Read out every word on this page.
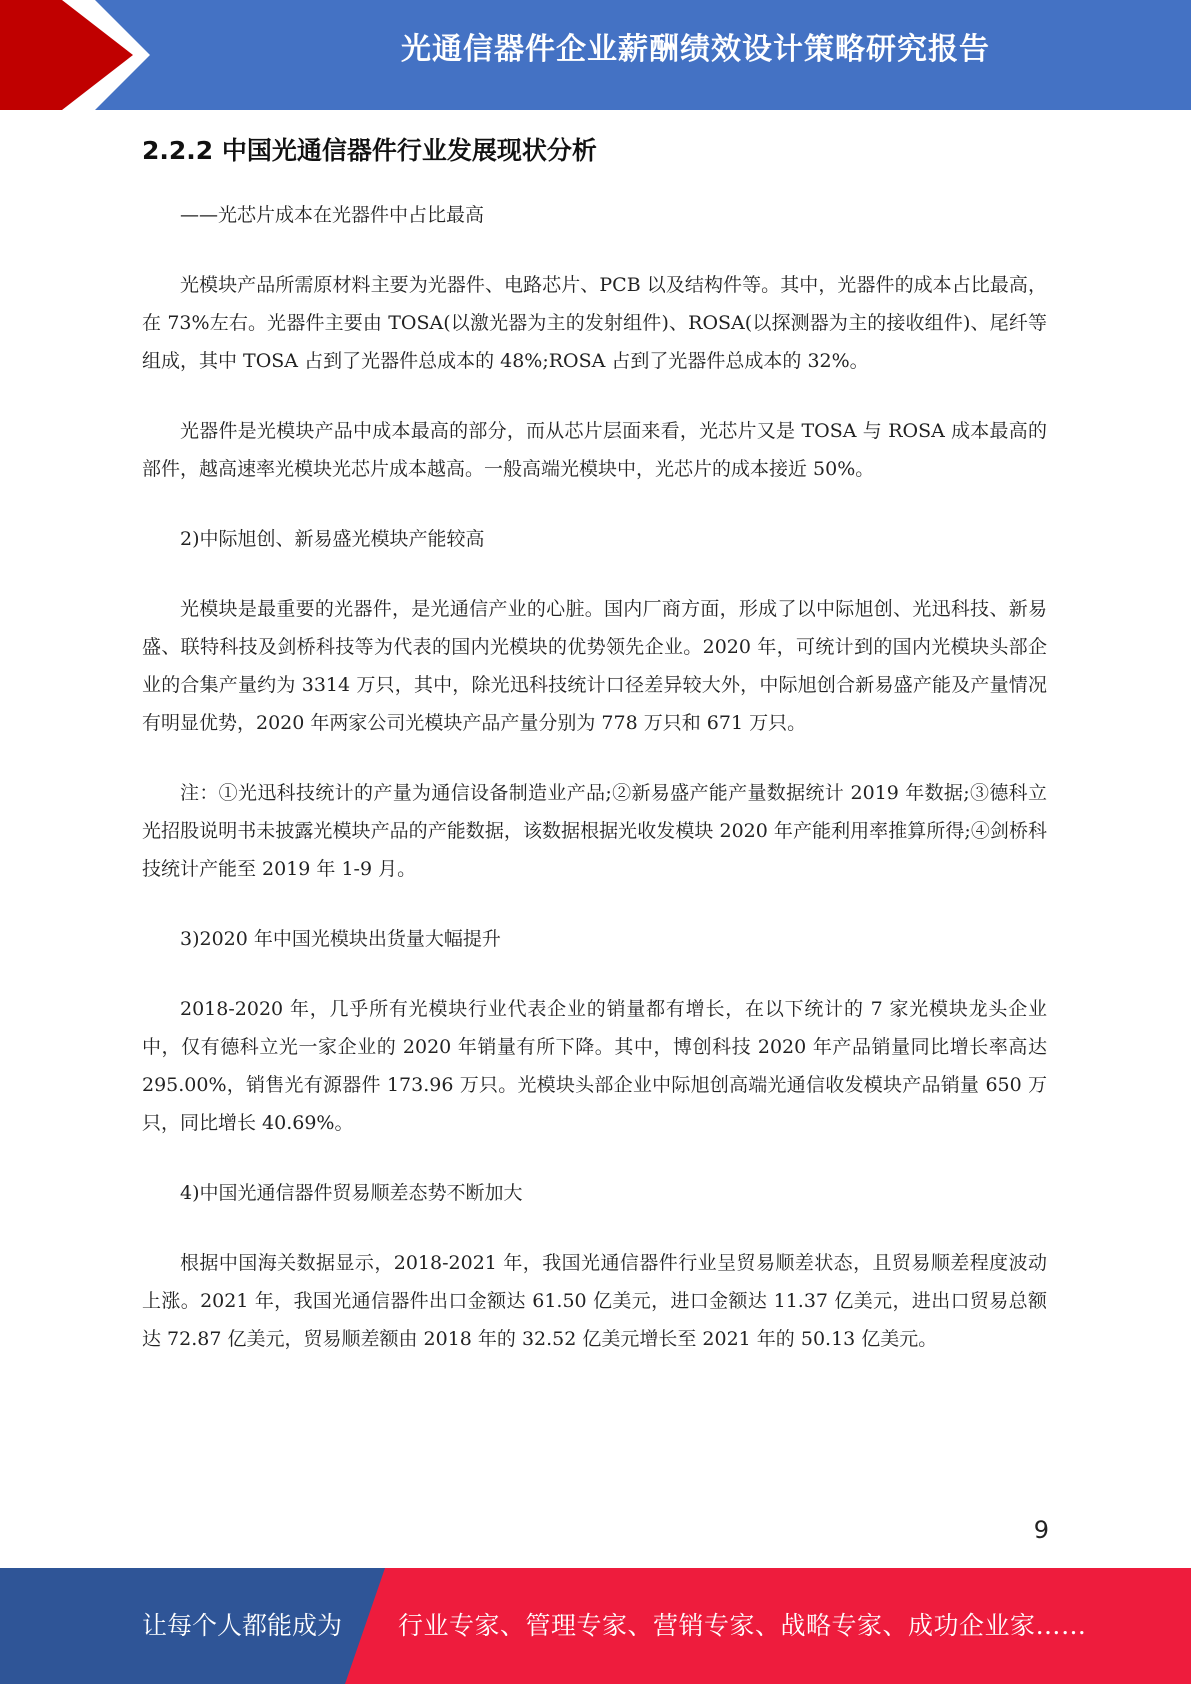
光通信器件企业薪酬绩效设计策略研究报告
2.2.2 中国光通信器件行业发展现状分析
——光芯片成本在光器件中占比最高
光模块产品所需原材料主要为光器件、电路芯片、PCB 以及结构件等。其中，光器件的成本占比最高，在 73%左右。光器件主要由 TOSA(以激光器为主的发射组件)、ROSA(以探测器为主的接收组件)、尾纤等组成，其中 TOSA 占到了光器件总成本的 48%;ROSA 占到了光器件总成本的 32%。
光器件是光模块产品中成本最高的部分，而从芯片层面来看，光芯片又是 TOSA 与 ROSA 成本最高的部件，越高速率光模块光芯片成本越高。一般高端光模块中，光芯片的成本接近 50%。
2)中际旭创、新易盛光模块产能较高
光模块是最重要的光器件，是光通信产业的心脏。国内厂商方面，形成了以中际旭创、光迅科技、新易盛、联特科技及剑桥科技等为代表的国内光模块的优势领先企业。2020 年，可统计到的国内光模块头部企业的合集产量约为 3314 万只，其中，除光迅科技统计口径差异较大外，中际旭创合新易盛产能及产量情况有明显优势，2020 年两家公司光模块产品产量分别为 778 万只和 671 万只。
注：①光迅科技统计的产量为通信设备制造业产品;②新易盛产能产量数据统计 2019 年数据;③德科立光招股说明书未披露光模块产品的产能数据，该数据根据光收发模块 2020 年产能利用率推算所得;④剑桥科技统计产能至 2019 年 1-9 月。
3)2020 年中国光模块出货量大幅提升
2018-2020 年，几乎所有光模块行业代表企业的销量都有增长，在以下统计的 7 家光模块龙头企业中，仅有德科立光一家企业的 2020 年销量有所下降。其中，博创科技 2020 年产品销量同比增长率高达 295.00%，销售光有源器件 173.96 万只。光模块头部企业中际旭创高端光通信收发模块产品销量 650 万只，同比增长 40.69%。
4)中国光通信器件贸易顺差态势不断加大
根据中国海关数据显示，2018-2021 年，我国光通信器件行业呈贸易顺差状态，且贸易顺差程度波动上涨。2021 年，我国光通信器件出口金额达 61.50 亿美元，进口金额达 11.37 亿美元，进出口贸易总额达 72.87 亿美元，贸易顺差额由 2018 年的 32.52 亿美元增长至 2021 年的 50.13 亿美元。
9
让每个人都能成为 行业专家、管理专家、营销专家、战略专家、成功企业家……
